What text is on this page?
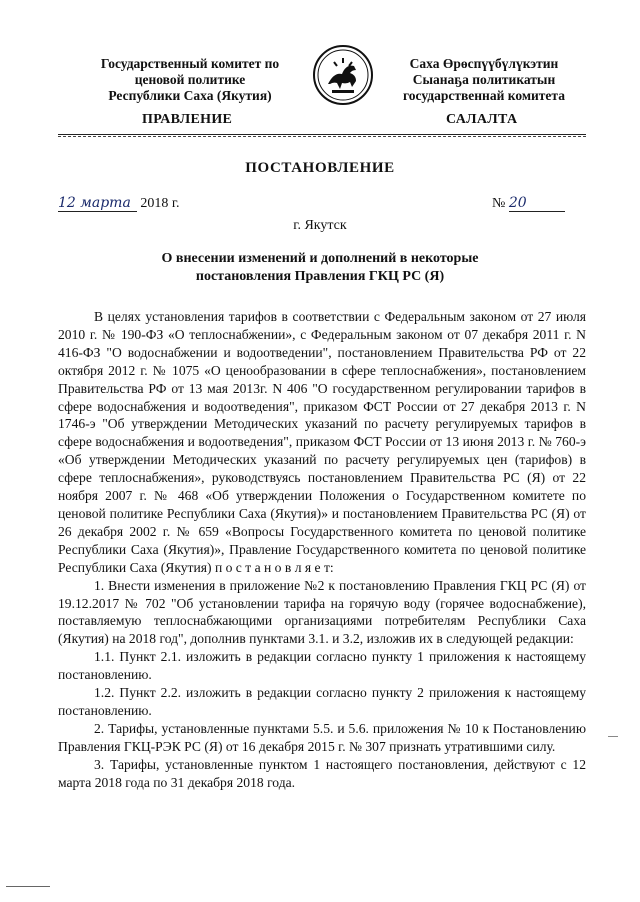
Государственный комитет по
ценовой политике
Республики Саха (Якутия)
Саха Өрөспүүбүлүкэтин
Сыанаҕа политикатын
государственнай комитета
ПРАВЛЕНИЕ	САЛАЛТА
ПОСТАНОВЛЕНИЕ
12 марта 2018 г.	№ 20
г. Якутск
О внесении изменений и дополнений в некоторые
постановления Правления ГКЦ РС (Я)

В целях установления тарифов в соответствии с Федеральным законом от 27 июля 2010 г. № 190-ФЗ «О теплоснабжении», с Федеральным законом от 07 декабря 2011 г. N 416-ФЗ "О водоснабжении и водоотведении", постановлением Правительства РФ от 22 октября 2012 г. № 1075 «О ценообразовании в сфере теплоснабжения», постановлением Правительства РФ от 13 мая 2013г. N 406 "О государственном регулировании тарифов в сфере водоснабжения и водоотведения", приказом ФСТ России от 27 декабря 2013 г. N 1746-э "Об утверждении Методических указаний по расчету регулируемых тарифов в сфере водоснабжения и водоотведения", приказом ФСТ России от 13 июня 2013 г. № 760-э «Об утверждении Методических указаний по расчету регулируемых цен (тарифов) в сфере теплоснабжения», руководствуясь постановлением Правительства РС (Я) от 22 ноября 2007 г. № 468 «Об утверждении Положения о Государственном комитете по ценовой политике Республики Саха (Якутия)» и постановлением Правительства РС (Я) от 26 декабря 2002 г. № 659 «Вопросы Государственного комитета по ценовой политике Республики Саха (Якутия)», Правление Государственного комитета по ценовой политике Республики Саха (Якутия) п о с т а н о в л я е т:

1. Внести изменения в приложение №2 к постановлению Правления ГКЦ РС (Я) от 19.12.2017 № 702 "Об установлении тарифа на горячую воду (горячее водоснабжение), поставляемую теплоснабжающими организациями потребителям Республики Саха (Якутия) на 2018 год", дополнив пунктами 3.1. и 3.2, изложив их в следующей редакции:

1.1. Пункт 2.1. изложить в редакции согласно пункту 1 приложения к настоящему постановлению.

1.2. Пункт 2.2. изложить в редакции согласно пункту 2 приложения к настоящему постановлению.

2. Тарифы, установленные пунктами 5.5. и 5.6. приложения № 10 к Постановлению Правления ГКЦ-РЭК РС (Я) от 16 декабря 2015 г. № 307 признать утратившими силу.

3. Тарифы, установленные пунктом 1 настоящего постановления, действуют с 12 марта 2018 года по 31 декабря 2018 года.
